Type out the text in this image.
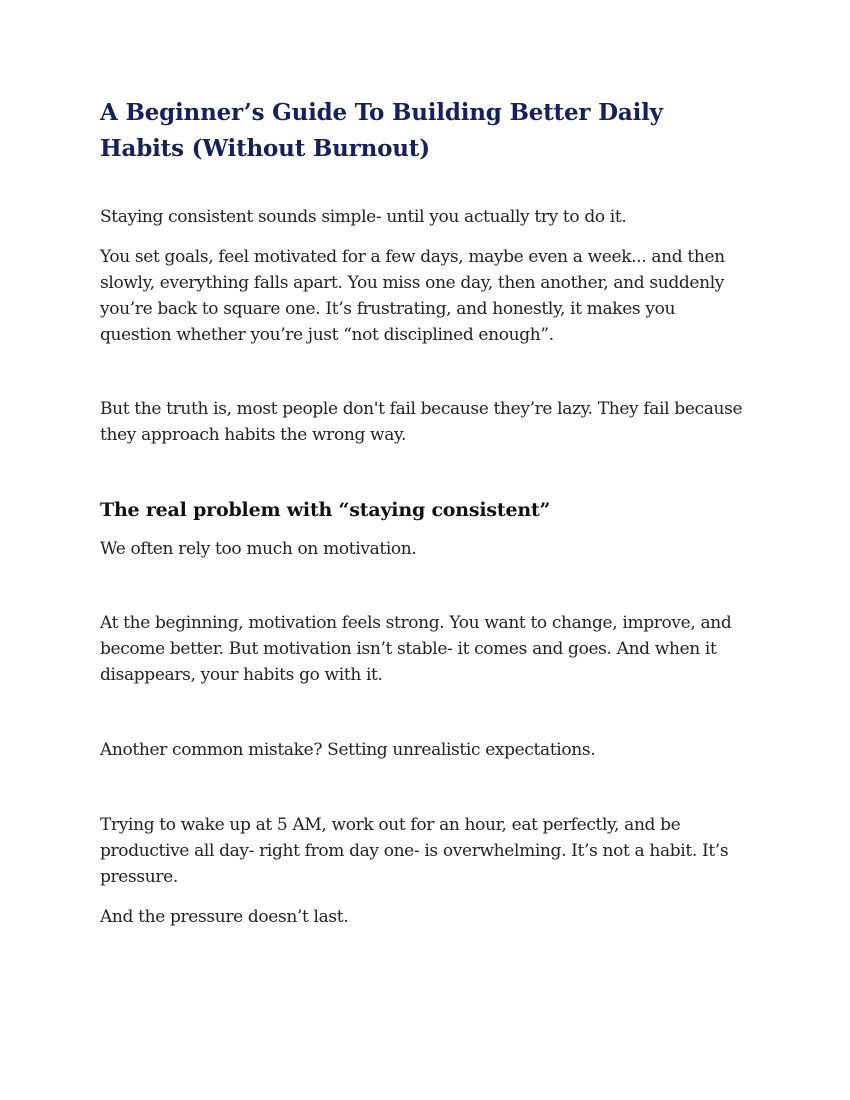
A Beginner’s Guide To Building Better Daily Habits (Without Burnout)

Staying consistent sounds simple- until you actually try to do it.

You set goals, feel motivated for a few days, maybe even a week... and then slowly, everything falls apart. You miss one day, then another, and suddenly you’re back to square one. It’s frustrating, and honestly, it makes you question whether you’re just “not disciplined enough”.

But the truth is, most people don't fail because they’re lazy. They fail because they approach habits the wrong way.

The real problem with “staying consistent”

We often rely too much on motivation.

At the beginning, motivation feels strong. You want to change, improve, and become better. But motivation isn’t stable- it comes and goes. And when it disappears, your habits go with it.

Another common mistake? Setting unrealistic expectations.

Trying to wake up at 5 AM, work out for an hour, eat perfectly, and be productive all day- right from day one- is overwhelming. It’s not a habit. It’s pressure.

And the pressure doesn’t last.
